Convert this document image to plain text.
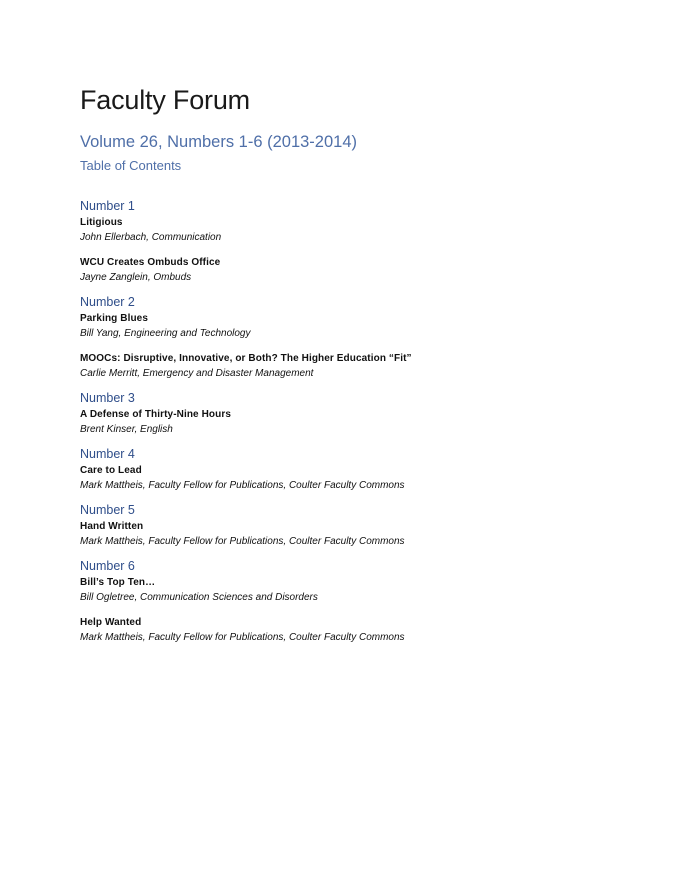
Faculty Forum
Volume 26, Numbers 1-6 (2013-2014)
Table of Contents
Number 1
Litigious
John Ellerbach, Communication
WCU Creates Ombuds Office
Jayne Zanglein, Ombuds
Number 2
Parking Blues
Bill Yang, Engineering and Technology
MOOCs: Disruptive, Innovative, or Both? The Higher Education “Fit”
Carlie Merritt, Emergency and Disaster Management
Number 3
A Defense of Thirty-Nine Hours
Brent Kinser, English
Number 4
Care to Lead
Mark Mattheis, Faculty Fellow for Publications, Coulter Faculty Commons
Number 5
Hand Written
Mark Mattheis, Faculty Fellow for Publications, Coulter Faculty Commons
Number 6
Bill’s Top Ten…
Bill Ogletree, Communication Sciences and Disorders
Help Wanted
Mark Mattheis, Faculty Fellow for Publications, Coulter Faculty Commons
